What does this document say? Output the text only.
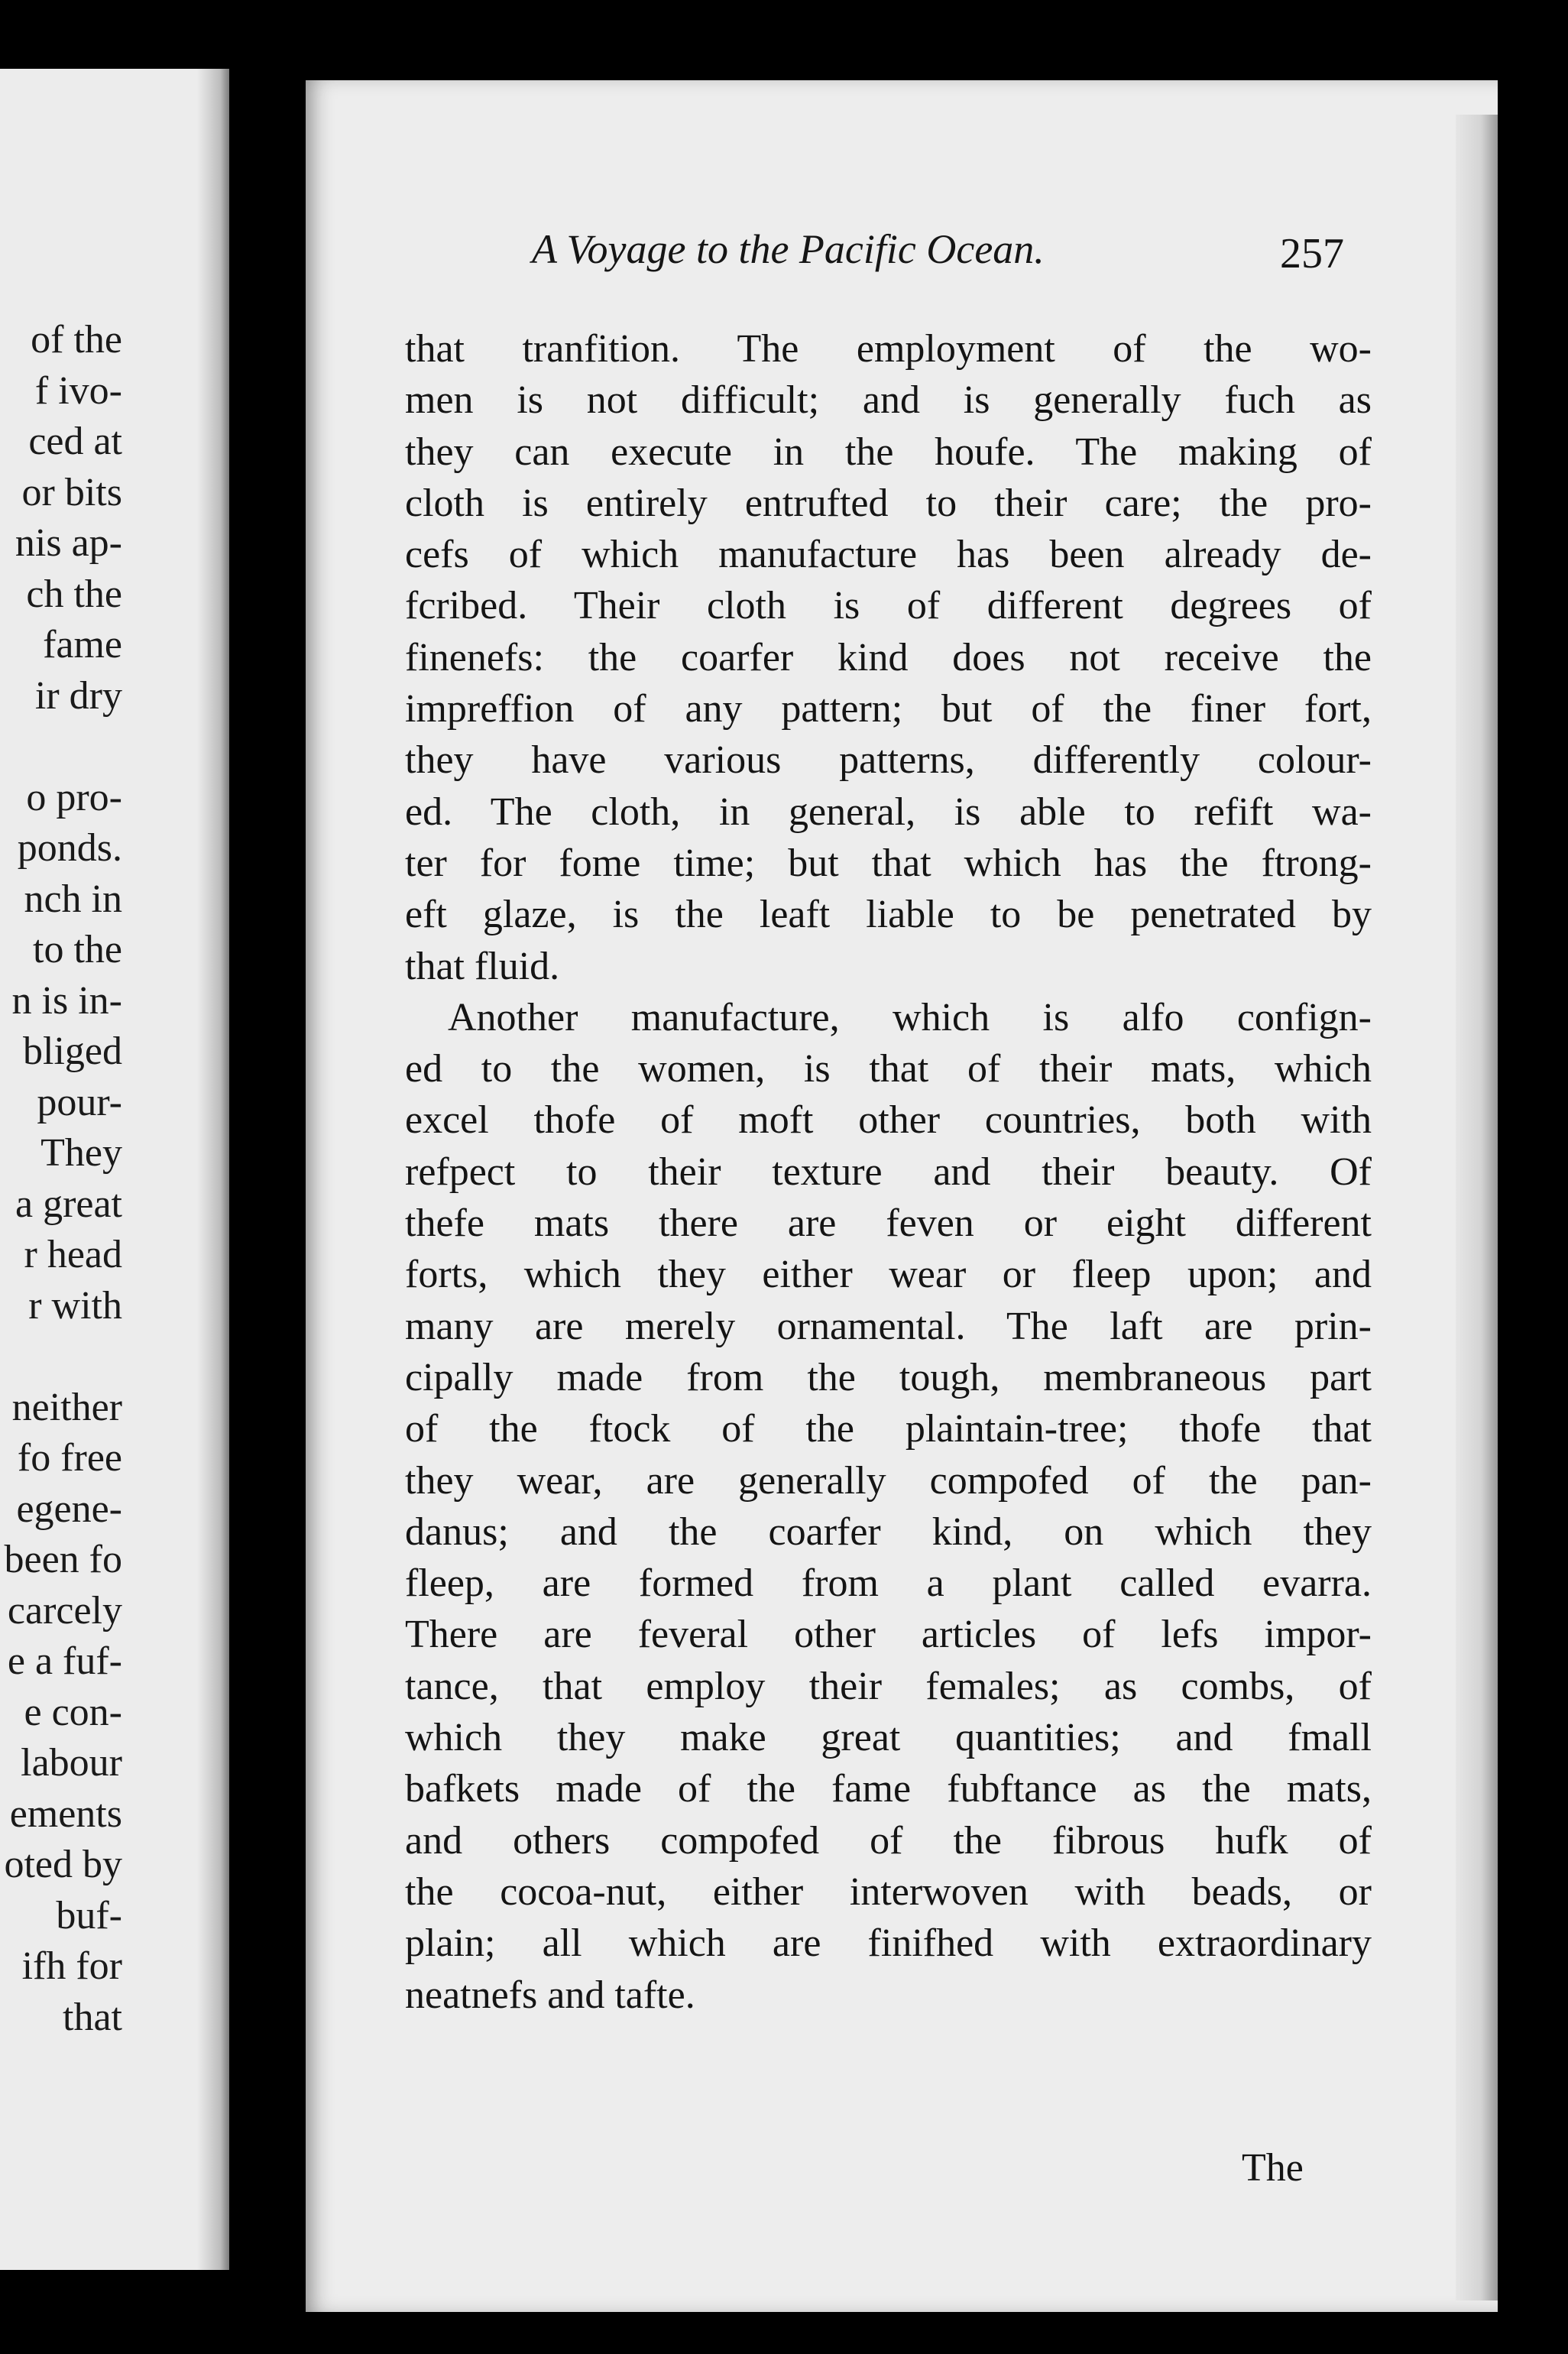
of the
f ivo-
ced at
or bits
nis ap-
ch the
fame
ir dry
o pro-
ponds.
nch in
to the
n is in-
bliged
pour-
They
a great
r head
r with
neither
fo free
egene-
been fo
carcely
e a fuf-
e con-
labour
ements
oted by
buf-
ifh for
that
A Voyage to the Pacific Ocean.	257
that tranfition. The employment of the wo-
men is not difficult; and is generally fuch as
they can execute in the houfe. The making of
cloth is entirely entrufted to their care; the pro-
cefs of which manufacture has been already de-
fcribed. Their cloth is of different degrees of
finenefs: the coarfer kind does not receive the
impreffion of any pattern; but of the finer fort,
they have various patterns, differently colour-
ed. The cloth, in general, is able to refift wa-
ter for fome time; but that which has the ftrong-
eft glaze, is the leaft liable to be penetrated by
that fluid.
Another manufacture, which is alfo confign-
ed to the women, is that of their mats, which
excel thofe of moft other countries, both with
refpect to their texture and their beauty. Of
thefe mats there are feven or eight different
forts, which they either wear or fleep upon; and
many are merely ornamental. The laft are prin-
cipally made from the tough, membraneous part
of the ftock of the plaintain-tree; thofe that
they wear, are generally compofed of the pan-
danus; and the coarfer kind, on which they
fleep, are formed from a plant called evarra.
There are feveral other articles of lefs impor-
tance, that employ their females; as combs, of
which they make great quantities; and fmall
bafkets made of the fame fubftance as the mats,
and others compofed of the fibrous hufk of
the cocoa-nut, either interwoven with beads, or
plain; all which are finifhed with extraordinary
neatnefs and tafte.
The
